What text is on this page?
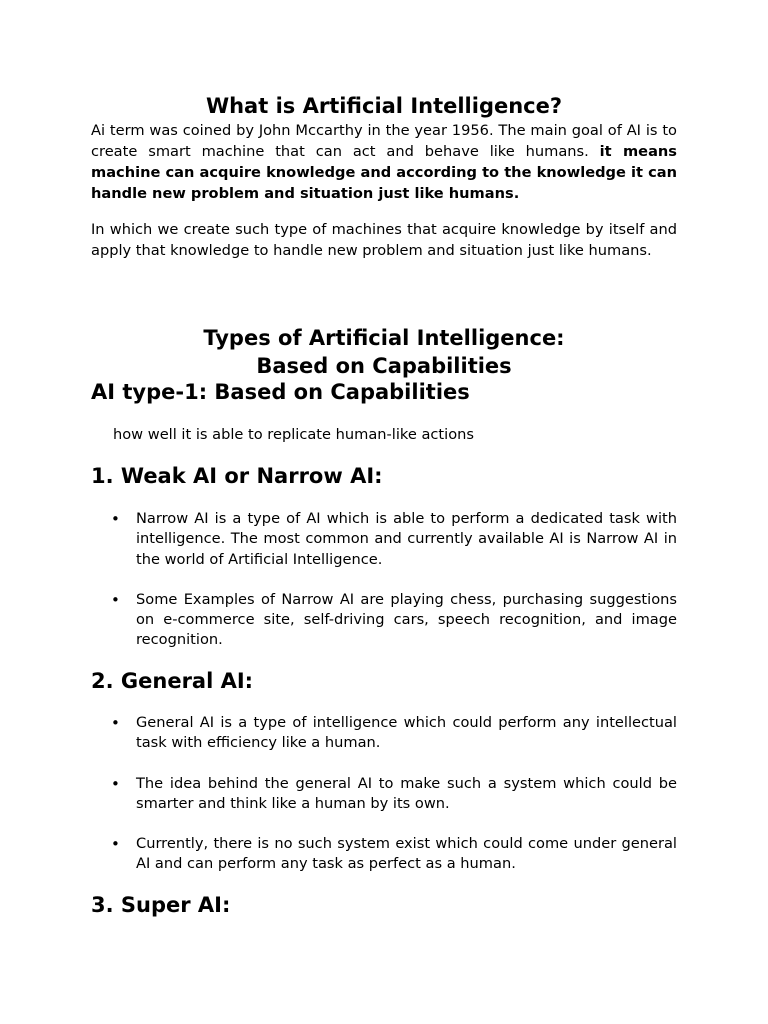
What is Artificial Intelligence?

Ai term was coined by John Mccarthy in the year 1956. The main goal of AI is to create smart machine that can act and behave like humans. it means machine can acquire knowledge and according to the knowledge it can handle new problem and situation just like humans.

In which we create such type of machines that acquire knowledge by itself and apply that knowledge to handle new problem and situation just like humans.

Types of Artificial Intelligence:
Based on Capabilities
AI type-1: Based on Capabilities

how well it is able to replicate human-like actions

1. Weak AI or Narrow AI:
• Narrow AI is a type of AI which is able to perform a dedicated task with intelligence. The most common and currently available AI is Narrow AI in the world of Artificial Intelligence.
• Some Examples of Narrow AI are playing chess, purchasing suggestions on e-commerce site, self-driving cars, speech recognition, and image recognition.
2. General AI:
• General AI is a type of intelligence which could perform any intellectual task with efficiency like a human.
• The idea behind the general AI to make such a system which could be smarter and think like a human by its own.
• Currently, there is no such system exist which could come under general AI and can perform any task as perfect as a human.
3. Super AI:
